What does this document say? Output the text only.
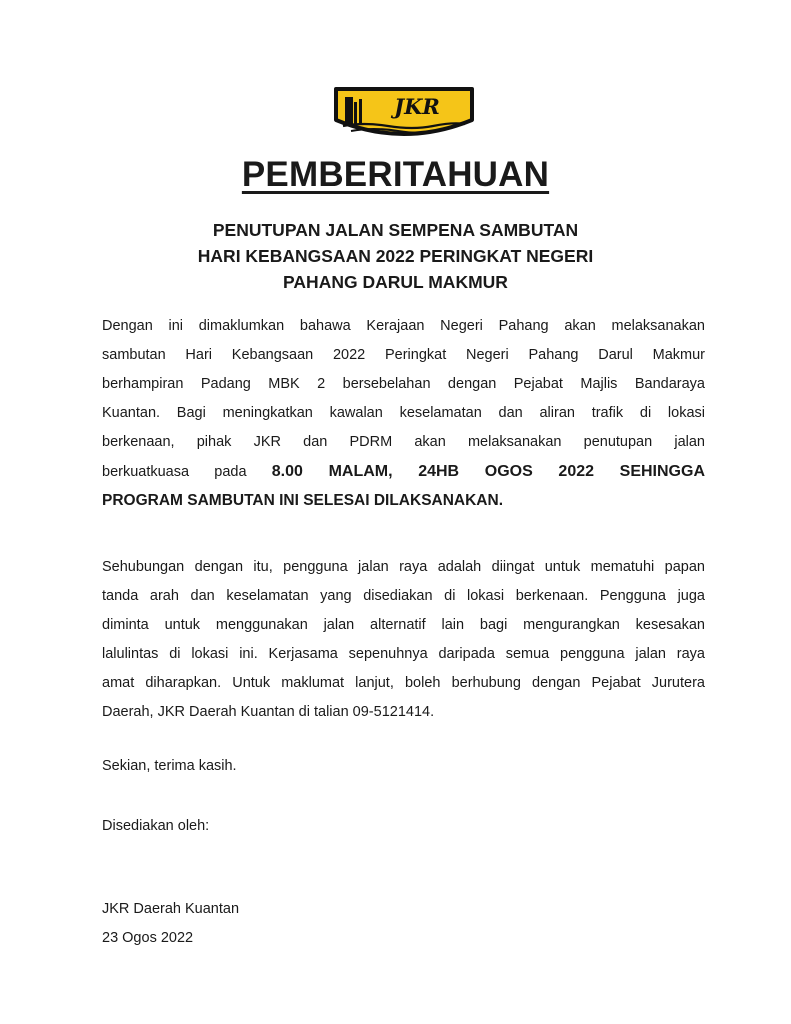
JKR
PEMBERITAHUAN
PENUTUPAN JALAN SEMPENA SAMBUTAN
HARI KEBANGSAAN 2022 PERINGKAT NEGERI
PAHANG DARUL MAKMUR
Dengan ini dimaklumkan bahawa Kerajaan Negeri Pahang akan melaksanakan
sambutan Hari Kebangsaan 2022 Peringkat Negeri Pahang Darul Makmur
berhampiran Padang MBK 2 bersebelahan dengan Pejabat Majlis Bandaraya
Kuantan. Bagi meningkatkan kawalan keselamatan dan aliran trafik di lokasi
berkenaan, pihak JKR dan PDRM akan melaksanakan penutupan jalan
berkuatkuasa pada 8.00 MALAM, 24HB OGOS 2022 SEHINGGA
PROGRAM SAMBUTAN INI SELESAI DILAKSANAKAN.
Sehubungan dengan itu, pengguna jalan raya adalah diingat untuk mematuhi papan
tanda arah dan keselamatan yang disediakan di lokasi berkenaan. Pengguna juga
diminta untuk menggunakan jalan alternatif lain bagi mengurangkan kesesakan
lalulintas di lokasi ini. Kerjasama sepenuhnya daripada semua pengguna jalan raya
amat diharapkan. Untuk maklumat lanjut, boleh berhubung dengan Pejabat Jurutera
Daerah, JKR Daerah Kuantan di talian 09-5121414.
Sekian, terima kasih.
Disediakan oleh:
JKR Daerah Kuantan
23 Ogos 2022
